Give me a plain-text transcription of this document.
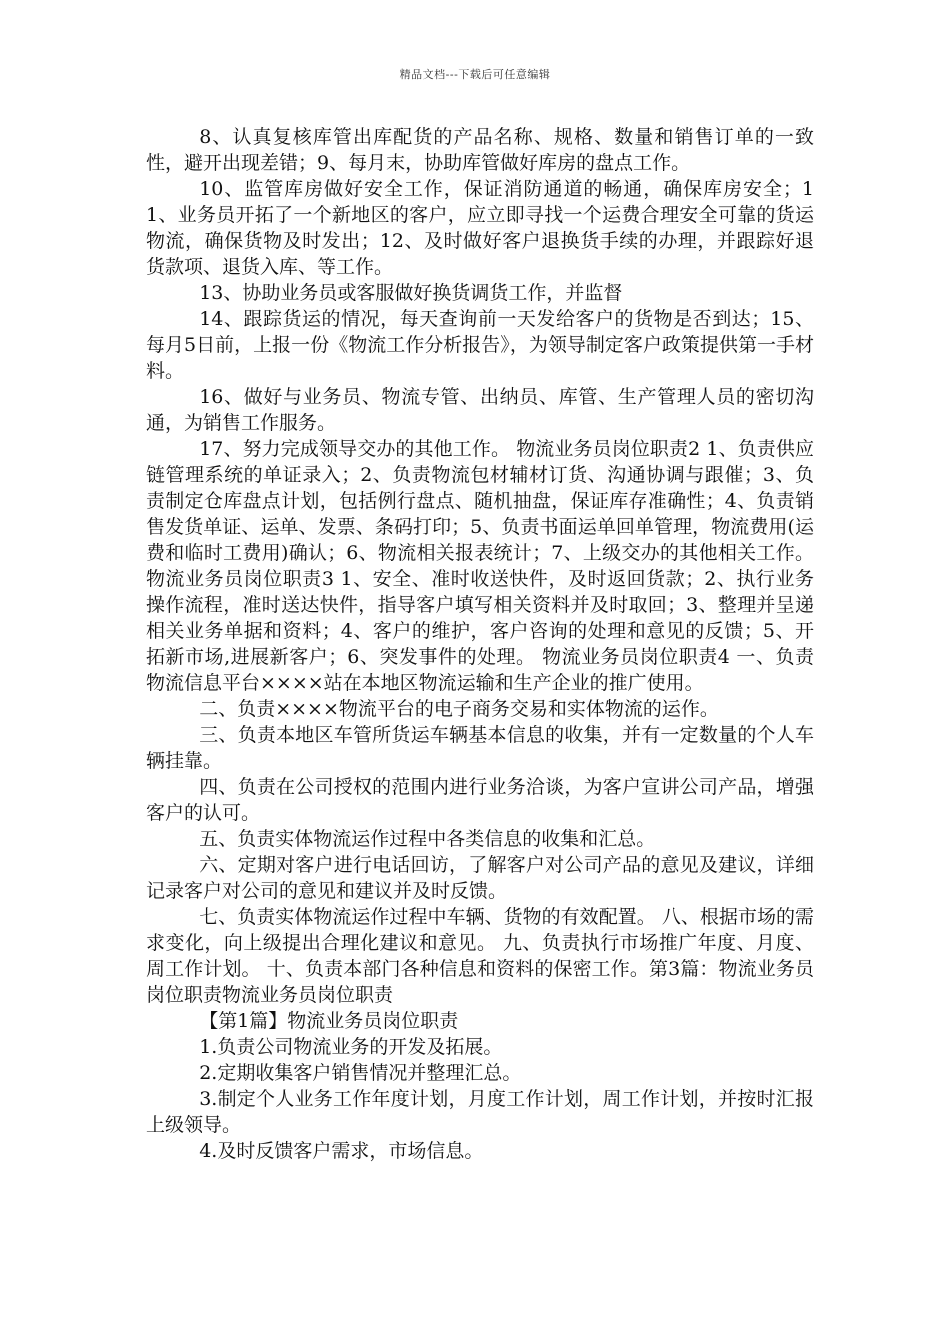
精品文档---下载后可任意编辑

8、认真复核库管出库配货的产品名称、规格、数量和销售订单的一致性，避开出现差错；9、每月末，协助库管做好库房的盘点工作。

10、监管库房做好安全工作，保证消防通道的畅通，确保库房安全；11、业务员开拓了一个新地区的客户，应立即寻找一个运费合理安全可靠的货运物流，确保货物及时发出；12、及时做好客户退换货手续的办理，并跟踪好退货款项、退货入库、等工作。

13、协助业务员或客服做好换货调货工作，并监督

14、跟踪货运的情况，每天查询前一天发给客户的货物是否到达；15、每月5日前，上报一份《物流工作分析报告》，为领导制定客户政策提供第一手材料。

16、做好与业务员、物流专管、出纳员、库管、生产管理人员的密切沟通，为销售工作服务。

17、努力完成领导交办的其他工作。 物流业务员岗位职责2 1、负责供应链管理系统的单证录入；2、负责物流包材辅材订货、沟通协调与跟催；3、负责制定仓库盘点计划，包括例行盘点、随机抽盘，保证库存准确性；4、负责销售发货单证、运单、发票、条码打印；5、负责书面运单回单管理，物流费用(运费和临时工费用)确认；6、物流相关报表统计；7、上级交办的其他相关工作。 物流业务员岗位职责3 1、安全、准时收送快件，及时返回货款；2、执行业务操作流程，准时送达快件，指导客户填写相关资料并及时取回；3、整理并呈递相关业务单据和资料；4、客户的维护，客户咨询的处理和意见的反馈；5、开拓新市场,进展新客户；6、突发事件的处理。 物流业务员岗位职责4 一、负责物流信息平台××××站在本地区物流运输和生产企业的推广使用。

二、负责××××物流平台的电子商务交易和实体物流的运作。

三、负责本地区车管所货运车辆基本信息的收集，并有一定数量的个人车辆挂靠。

四、负责在公司授权的范围内进行业务洽谈，为客户宣讲公司产品，增强客户的认可。

五、负责实体物流运作过程中各类信息的收集和汇总。

六、定期对客户进行电话回访，了解客户对公司产品的意见及建议，详细记录客户对公司的意见和建议并及时反馈。

七、负责实体物流运作过程中车辆、货物的有效配置。 八、根据市场的需求变化，向上级提出合理化建议和意见。 九、负责执行市场推广年度、月度、周工作计划。 十、负责本部门各种信息和资料的保密工作。第3篇：物流业务员岗位职责物流业务员岗位职责

【第1篇】物流业务员岗位职责

1.负责公司物流业务的开发及拓展。

2.定期收集客户销售情况并整理汇总。

3.制定个人业务工作年度计划，月度工作计划，周工作计划，并按时汇报上级领导。

4.及时反馈客户需求，市场信息。
